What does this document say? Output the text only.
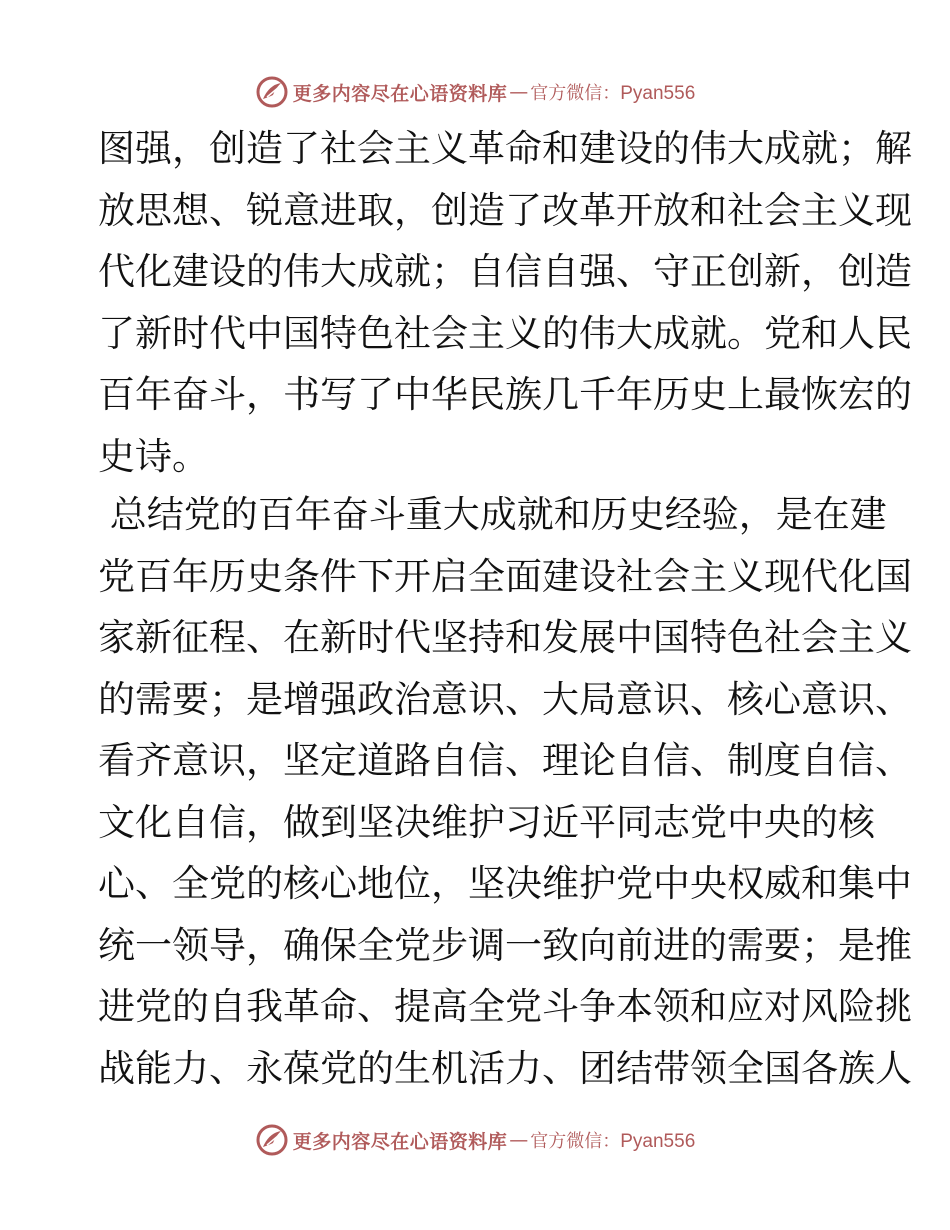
更多内容尽在心语资料库 — 官方微信：Pyan556
图强，创造了社会主义革命和建设的伟大成就；解
放思想、锐意进取，创造了改革开放和社会主义现
代化建设的伟大成就；自信自强、守正创新，创造
了新时代中国特色社会主义的伟大成就。党和人民
百年奋斗，书写了中华民族几千年历史上最恢宏的
史诗。
总结党的百年奋斗重大成就和历史经验，是在建
党百年历史条件下开启全面建设社会主义现代化国
家新征程、在新时代坚持和发展中国特色社会主义
的需要；是增强政治意识、大局意识、核心意识、
看齐意识，坚定道路自信、理论自信、制度自信、
文化自信，做到坚决维护习近平同志党中央的核
心、全党的核心地位，坚决维护党中央权威和集中
统一领导，确保全党步调一致向前进的需要；是推
进党的自我革命、提高全党斗争本领和应对风险挑
战能力、永葆党的生机活力、团结带领全国各族人
更多内容尽在心语资料库 — 官方微信：Pyan556
